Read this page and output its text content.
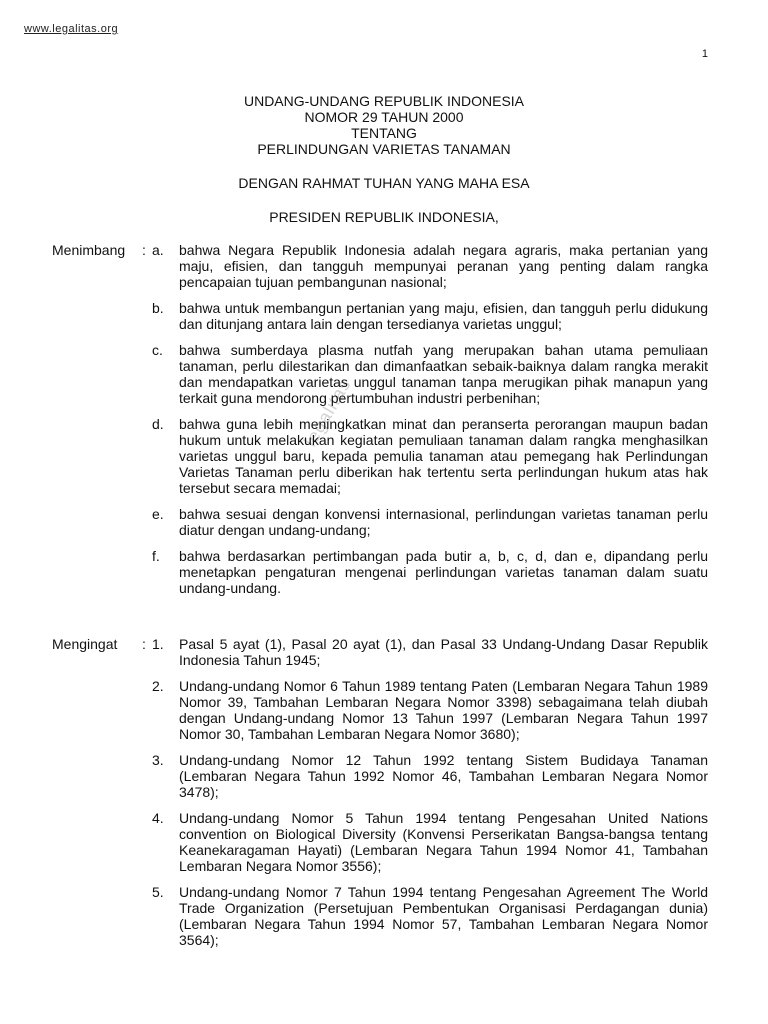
www.legalitas.org
1
UNDANG-UNDANG REPUBLIK INDONESIA
NOMOR 29 TAHUN 2000
TENTANG
PERLINDUNGAN VARIETAS TANAMAN
DENGAN RAHMAT TUHAN YANG MAHA ESA
PRESIDEN REPUBLIK INDONESIA,
legalitas
Menimbang : a.	bahwa Negara Republik Indonesia adalah negara agraris, maka pertanian yang maju, efisien, dan tangguh mempunyai peranan yang penting dalam rangka pencapaian tujuan pembangunan nasional;
b.	bahwa untuk membangun pertanian yang maju, efisien, dan tangguh perlu didukung dan ditunjang antara lain dengan tersedianya varietas unggul;
c.	bahwa sumberdaya plasma nutfah yang merupakan bahan utama pemuliaan tanaman, perlu dilestarikan dan dimanfaatkan sebaik-baiknya dalam rangka merakit dan mendapatkan varietas unggul tanaman tanpa merugikan pihak manapun yang terkait guna mendorong pertumbuhan industri perbenihan;
d.	bahwa guna lebih meningkatkan minat dan peranserta perorangan maupun badan hukum untuk melakukan kegiatan pemuliaan tanaman dalam rangka menghasilkan varietas unggul baru, kepada pemulia tanaman atau pemegang hak Perlindungan Varietas Tanaman perlu diberikan hak tertentu serta perlindungan hukum atas hak tersebut secara memadai;
e.	bahwa sesuai dengan konvensi internasional, perlindungan varietas tanaman perlu diatur dengan undang-undang;
f.	bahwa berdasarkan pertimbangan pada butir a, b, c, d, dan e, dipandang perlu menetapkan pengaturan mengenai perlindungan varietas tanaman dalam suatu undang-undang.
Mengingat : 1.	Pasal 5 ayat (1), Pasal 20 ayat (1), dan Pasal 33 Undang-Undang Dasar Republik Indonesia Tahun 1945;
2.	Undang-undang Nomor 6 Tahun 1989 tentang Paten (Lembaran Negara Tahun 1989 Nomor 39, Tambahan Lembaran Negara Nomor 3398) sebagaimana telah diubah dengan Undang-undang Nomor 13 Tahun 1997 (Lembaran Negara Tahun 1997 Nomor 30, Tambahan Lembaran Negara Nomor 3680);
3.	Undang-undang Nomor 12 Tahun 1992 tentang Sistem Budidaya Tanaman (Lembaran Negara Tahun 1992 Nomor 46, Tambahan Lembaran Negara Nomor 3478);
4.	Undang-undang Nomor 5 Tahun 1994 tentang Pengesahan United Nations convention on Biological Diversity (Konvensi Perserikatan Bangsa-bangsa tentang Keanekaragaman Hayati) (Lembaran Negara Tahun 1994 Nomor 41, Tambahan Lembaran Negara Nomor 3556);
5.	Undang-undang Nomor 7 Tahun 1994 tentang Pengesahan Agreement The World Trade Organization (Persetujuan Pembentukan Organisasi Perdagangan dunia) (Lembaran Negara Tahun 1994 Nomor 57, Tambahan Lembaran Negara Nomor 3564);
